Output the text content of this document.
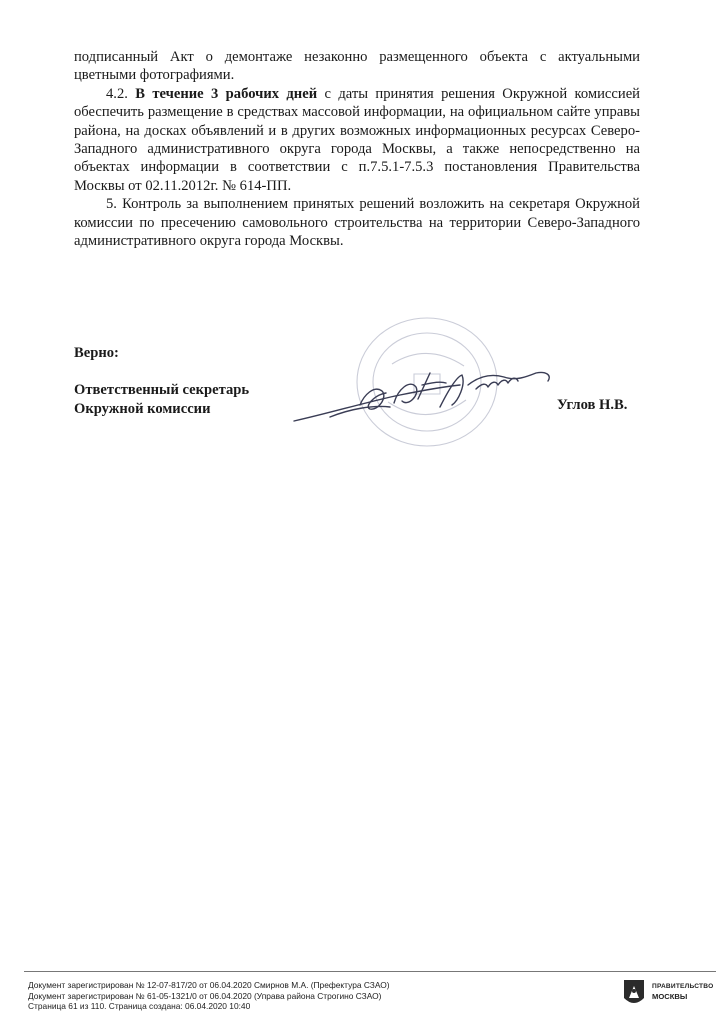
подписанный Акт о демонтаже незаконно размещенного объекта с актуальными цветными фотографиями.

4.2. В течение 3 рабочих дней с даты принятия решения Окружной комиссией обеспечить размещение в средствах массовой информации, на официальном сайте управы района, на досках объявлений и в других возможных информационных ресурсах Северо-Западного административного округа города Москвы, а также непосредственно на объектах информации в соответствии с п.7.5.1-7.5.3 постановления Правительства Москвы от 02.11.2012г. № 614-ПП.

5. Контроль за выполнением принятых решений возложить на секретаря Окружной комиссии по пресечению самовольного строительства на территории Северо-Западного административного округа города Москвы.

Верно:
Ответственный секретарь
Окружной комиссии	Углов Н.В.
Документ зарегистрирован № 12-07-817/20 от 06.04.2020 Смирнов М.А. (Префектура СЗАО)
Документ зарегистрирован № 61-05-1321/0 от 06.04.2020 (Управа района Строгино СЗАО)
Страница 61 из 110. Страница создана: 06.04.2020 10:40
ПРАВИТЕЛЬСТВО
МОСКВЫ
